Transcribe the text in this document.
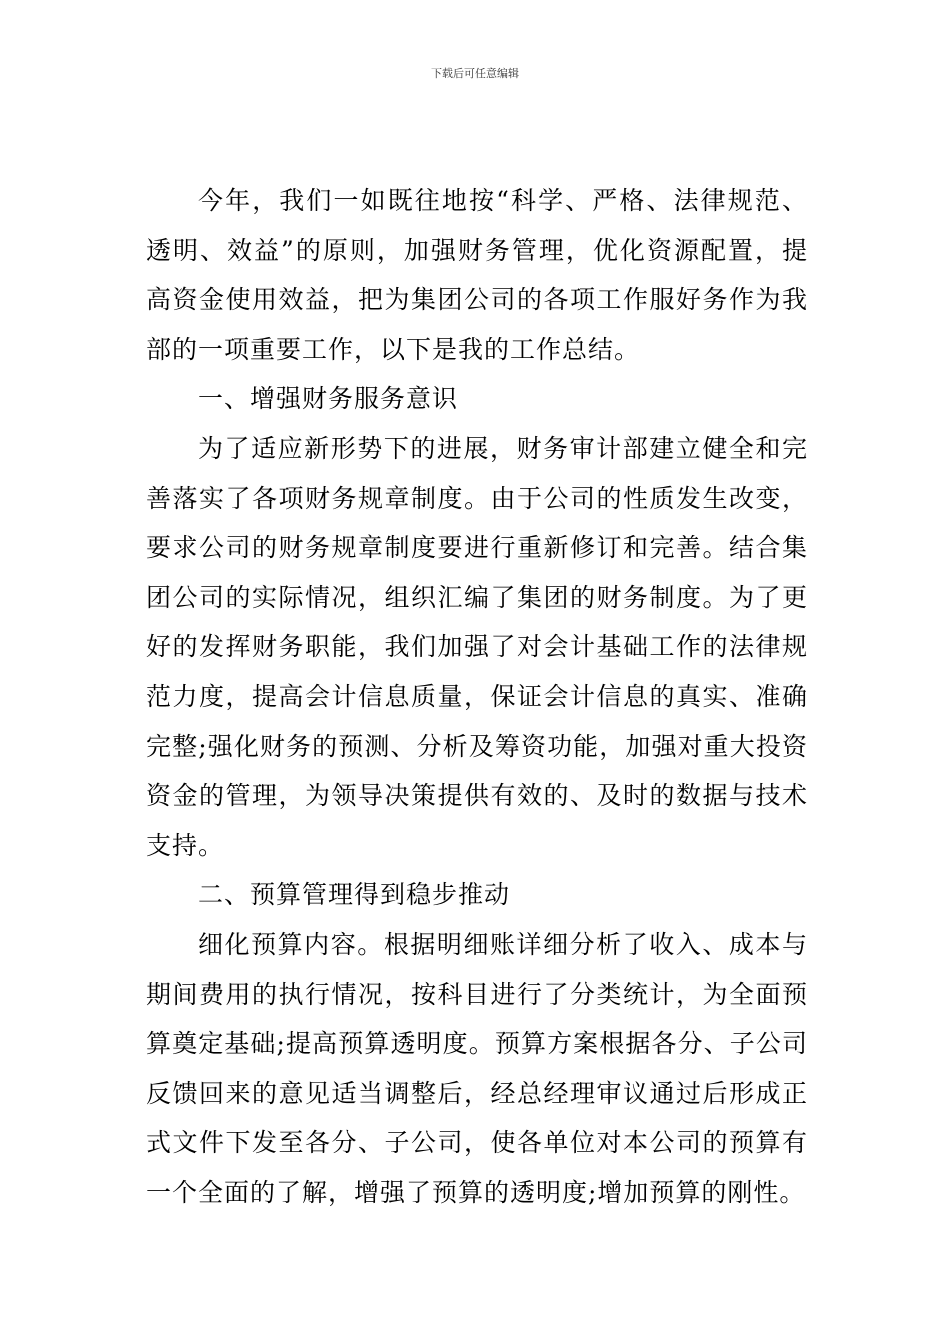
下载后可任意编辑

今年，我们一如既往地按“科学、严格、法律规范、透明、效益”的原则，加强财务管理，优化资源配置，提高资金使用效益，把为集团公司的各项工作服好务作为我部的一项重要工作，以下是我的工作总结。

一、增强财务服务意识

为了适应新形势下的进展，财务审计部建立健全和完善落实了各项财务规章制度。由于公司的性质发生改变，要求公司的财务规章制度要进行重新修订和完善。结合集团公司的实际情况，组织汇编了集团的财务制度。为了更好的发挥财务职能，我们加强了对会计基础工作的法律规范力度，提高会计信息质量，保证会计信息的真实、准确完整;强化财务的预测、分析及筹资功能，加强对重大投资资金的管理，为领导决策提供有效的、及时的数据与技术支持。

二、预算管理得到稳步推动

细化预算内容。根据明细账详细分析了收入、成本与期间费用的执行情况，按科目进行了分类统计，为全面预算奠定基础;提高预算透明度。预算方案根据各分、子公司反馈回来的意见适当调整后，经总经理审议通过后形成正式文件下发至各分、子公司，使各单位对本公司的预算有一个全面的了解，增强了预算的透明度;增加预算的刚性。
